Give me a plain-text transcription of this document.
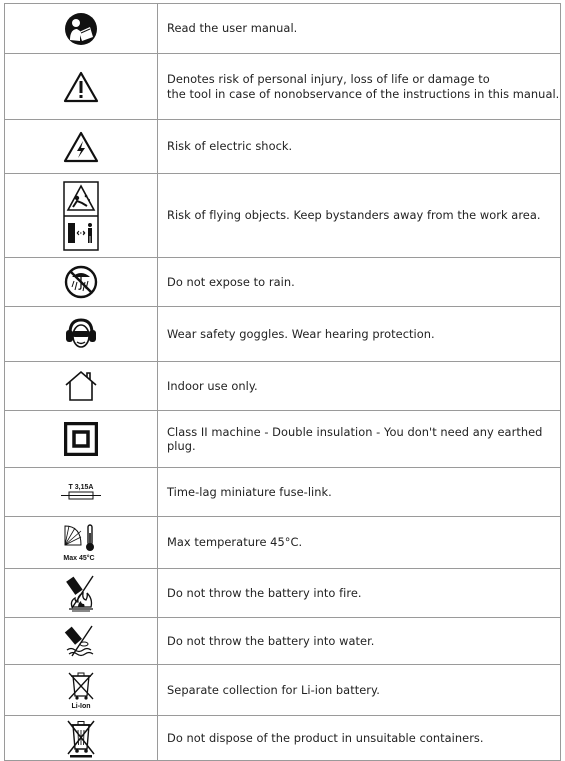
Read the user manual.
Denotes risk of personal injury, loss of life or damage to
the tool in case of nonobservance of the instructions in this manual.
Risk of electric shock.
Risk of flying objects. Keep bystanders away from the work area.
Do not expose to rain.
Wear safety goggles. Wear hearing protection.
Indoor use only.
Class II machine - Double insulation - You don't need any earthed plug.
T 3,15A	Time-lag miniature fuse-link.
Max 45°C
Max temperature 45°C.
Do not throw the battery into fire.
Do not throw the battery into water.
Li-Ion
Separate collection for Li-ion battery.
Do not dispose of the product in unsuitable containers.
